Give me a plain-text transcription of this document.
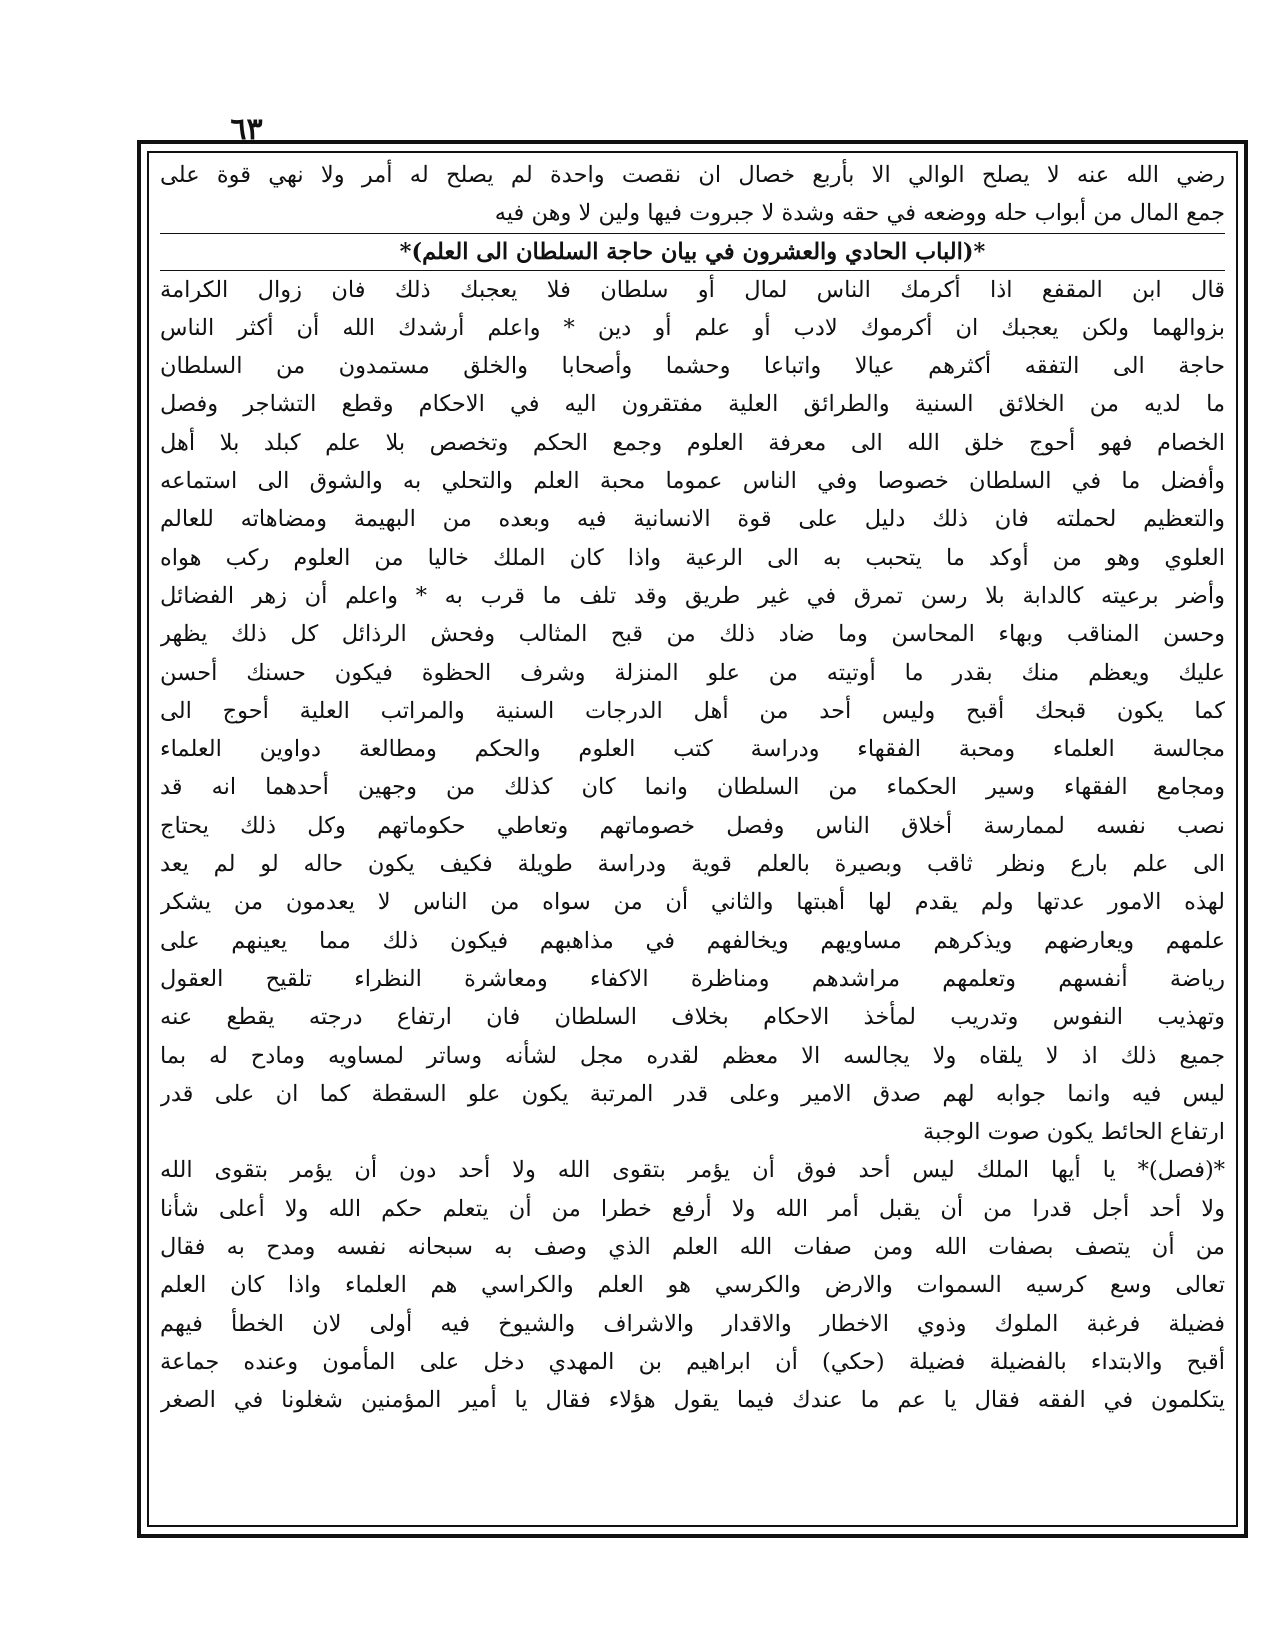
٦٣
رضي الله عنه لا يصلح الوالي الا بأربع خصال ان نقصت واحدة لم يصلح له أمر ولا نهي قوة على
جمع المال من أبواب حله ووضعه في حقه وشدة لا جبروت فيها ولين لا وهن فيه
*(الباب الحادي والعشرون في بيان حاجة السلطان الى العلم)*
قال ابن المقفع اذا أكرمك الناس لمال أو سلطان فلا يعجبك ذلك فان زوال الكرامة
بزوالهما ولكن يعجبك ان أكرموك لادب أو علم أو دين * واعلم أرشدك الله أن أكثر الناس
حاجة الى التفقه أكثرهم عيالا واتباعا وحشما وأصحابا والخلق مستمدون من السلطان
ما لديه من الخلائق السنية والطرائق العلية مفتقرون اليه في الاحكام وقطع التشاجر وفصل
الخصام فهو أحوج خلق الله الى معرفة العلوم وجمع الحكم وتخصص بلا علم كبلد بلا أهل
وأفضل ما في السلطان خصوصا وفي الناس عموما محبة العلم والتحلي به والشوق الى استماعه
والتعظيم لحملته فان ذلك دليل على قوة الانسانية فيه وبعده من البهيمة ومضاهاته للعالم
العلوي وهو من أوكد ما يتحبب به الى الرعية واذا كان الملك خاليا من العلوم ركب هواه
وأضر برعيته كالدابة بلا رسن تمرق في غير طريق وقد تلف ما قرب به * واعلم أن زهر الفضائل
وحسن المناقب وبهاء المحاسن وما ضاد ذلك من قبح المثالب وفحش الرذائل كل ذلك يظهر
عليك ويعظم منك بقدر ما أوتيته من علو المنزلة وشرف الحظوة فيكون حسنك أحسن
كما يكون قبحك أقبح وليس أحد من أهل الدرجات السنية والمراتب العلية أحوج الى
مجالسة العلماء ومحبة الفقهاء ودراسة كتب العلوم والحكم ومطالعة دواوين العلماء
ومجامع الفقهاء وسير الحكماء من السلطان وانما كان كذلك من وجهين أحدهما انه قد
نصب نفسه لممارسة أخلاق الناس وفصل خصوماتهم وتعاطي حكوماتهم وكل ذلك يحتاج
الى علم بارع ونظر ثاقب وبصيرة بالعلم قوية ودراسة طويلة فكيف يكون حاله لو لم يعد
لهذه الامور عدتها ولم يقدم لها أهبتها والثاني أن من سواه من الناس لا يعدمون من يشكر
علمهم ويعارضهم ويذكرهم مساويهم ويخالفهم في مذاهبهم فيكون ذلك مما يعينهم على
رياضة أنفسهم وتعلمهم مراشدهم ومناظرة الاكفاء ومعاشرة النظراء تلقيح العقول
وتهذيب النفوس وتدريب لمأخذ الاحكام بخلاف السلطان فان ارتفاع درجته يقطع عنه
جميع ذلك اذ لا يلقاه ولا يجالسه الا معظم لقدره مجل لشأنه وساتر لمساويه ومادح له بما
ليس فيه وانما جوابه لهم صدق الامير وعلى قدر المرتبة يكون علو السقطة كما ان على قدر
ارتفاع الحائط يكون صوت الوجبة
*(فصل)* يا أيها الملك ليس أحد فوق أن يؤمر بتقوى الله ولا أحد دون أن يؤمر بتقوى الله
ولا أحد أجل قدرا من أن يقبل أمر الله ولا أرفع خطرا من أن يتعلم حكم الله ولا أعلى شأنا
من أن يتصف بصفات الله ومن صفات الله العلم الذي وصف به سبحانه نفسه ومدح به فقال
تعالى وسع كرسيه السموات والارض والكرسي هو العلم والكراسي هم العلماء واذا كان العلم
فضيلة فرغبة الملوك وذوي الاخطار والاقدار والاشراف والشيوخ فيه أولى لان الخطأ فيهم
أقبح والابتداء بالفضيلة فضيلة (حكي) أن ابراهيم بن المهدي دخل على المأمون وعنده جماعة
يتكلمون في الفقه فقال يا عم ما عندك فيما يقول هؤلاء فقال يا أمير المؤمنين شغلونا في الصغر
